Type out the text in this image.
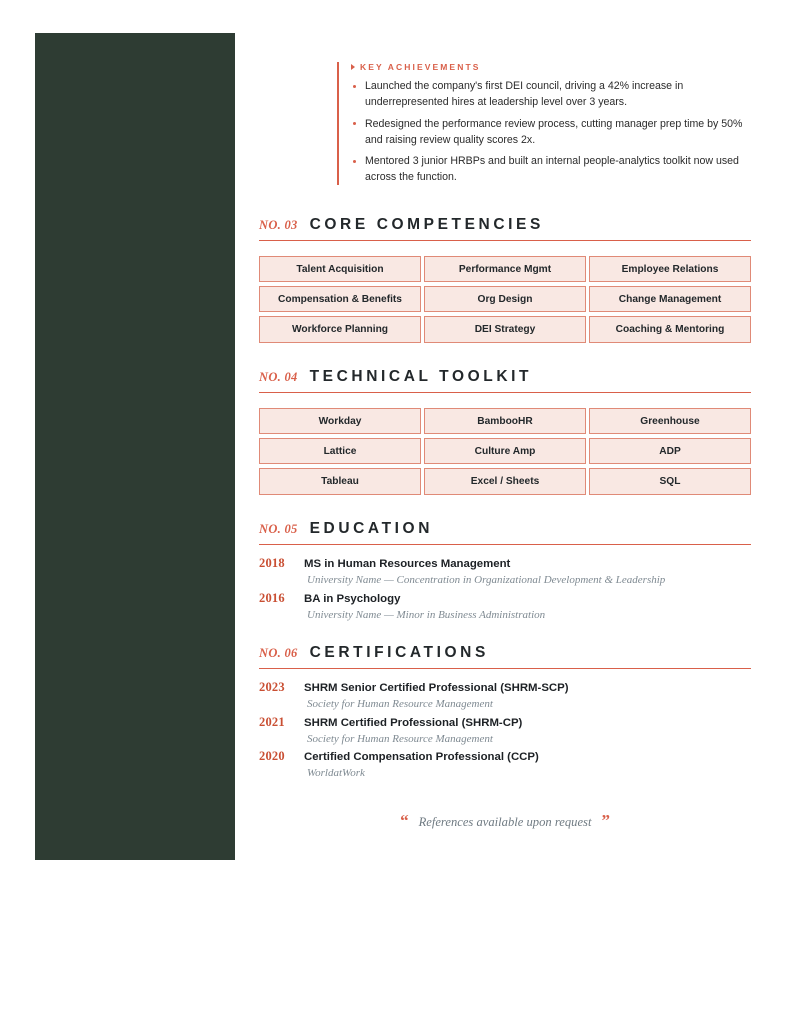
KEY ACHIEVEMENTS
Launched the company's first DEI council, driving a 42% increase in underrepresented hires at leadership level over 3 years.
Redesigned the performance review process, cutting manager prep time by 50% and raising review quality scores 2x.
Mentored 3 junior HRBPs and built an internal people-analytics toolkit now used across the function.
NO. 03 CORE COMPETENCIES
Talent Acquisition	Performance Mgmt	Employee Relations
Compensation & Benefits	Org Design	Change Management
Workforce Planning	DEI Strategy	Coaching & Mentoring
NO. 04 TECHNICAL TOOLKIT
Workday	BambooHR	Greenhouse
Lattice	Culture Amp	ADP
Tableau	Excel / Sheets	SQL
NO. 05 EDUCATION
2018	MS in Human Resources Management
University Name — Concentration in Organizational Development & Leadership
2016	BA in Psychology
University Name — Minor in Business Administration
NO. 06 CERTIFICATIONS
2023	SHRM Senior Certified Professional (SHRM-SCP)
Society for Human Resource Management
2021	SHRM Certified Professional (SHRM-CP)
Society for Human Resource Management
2020	Certified Compensation Professional (CCP)
WorldatWork
“ References available upon request ”
